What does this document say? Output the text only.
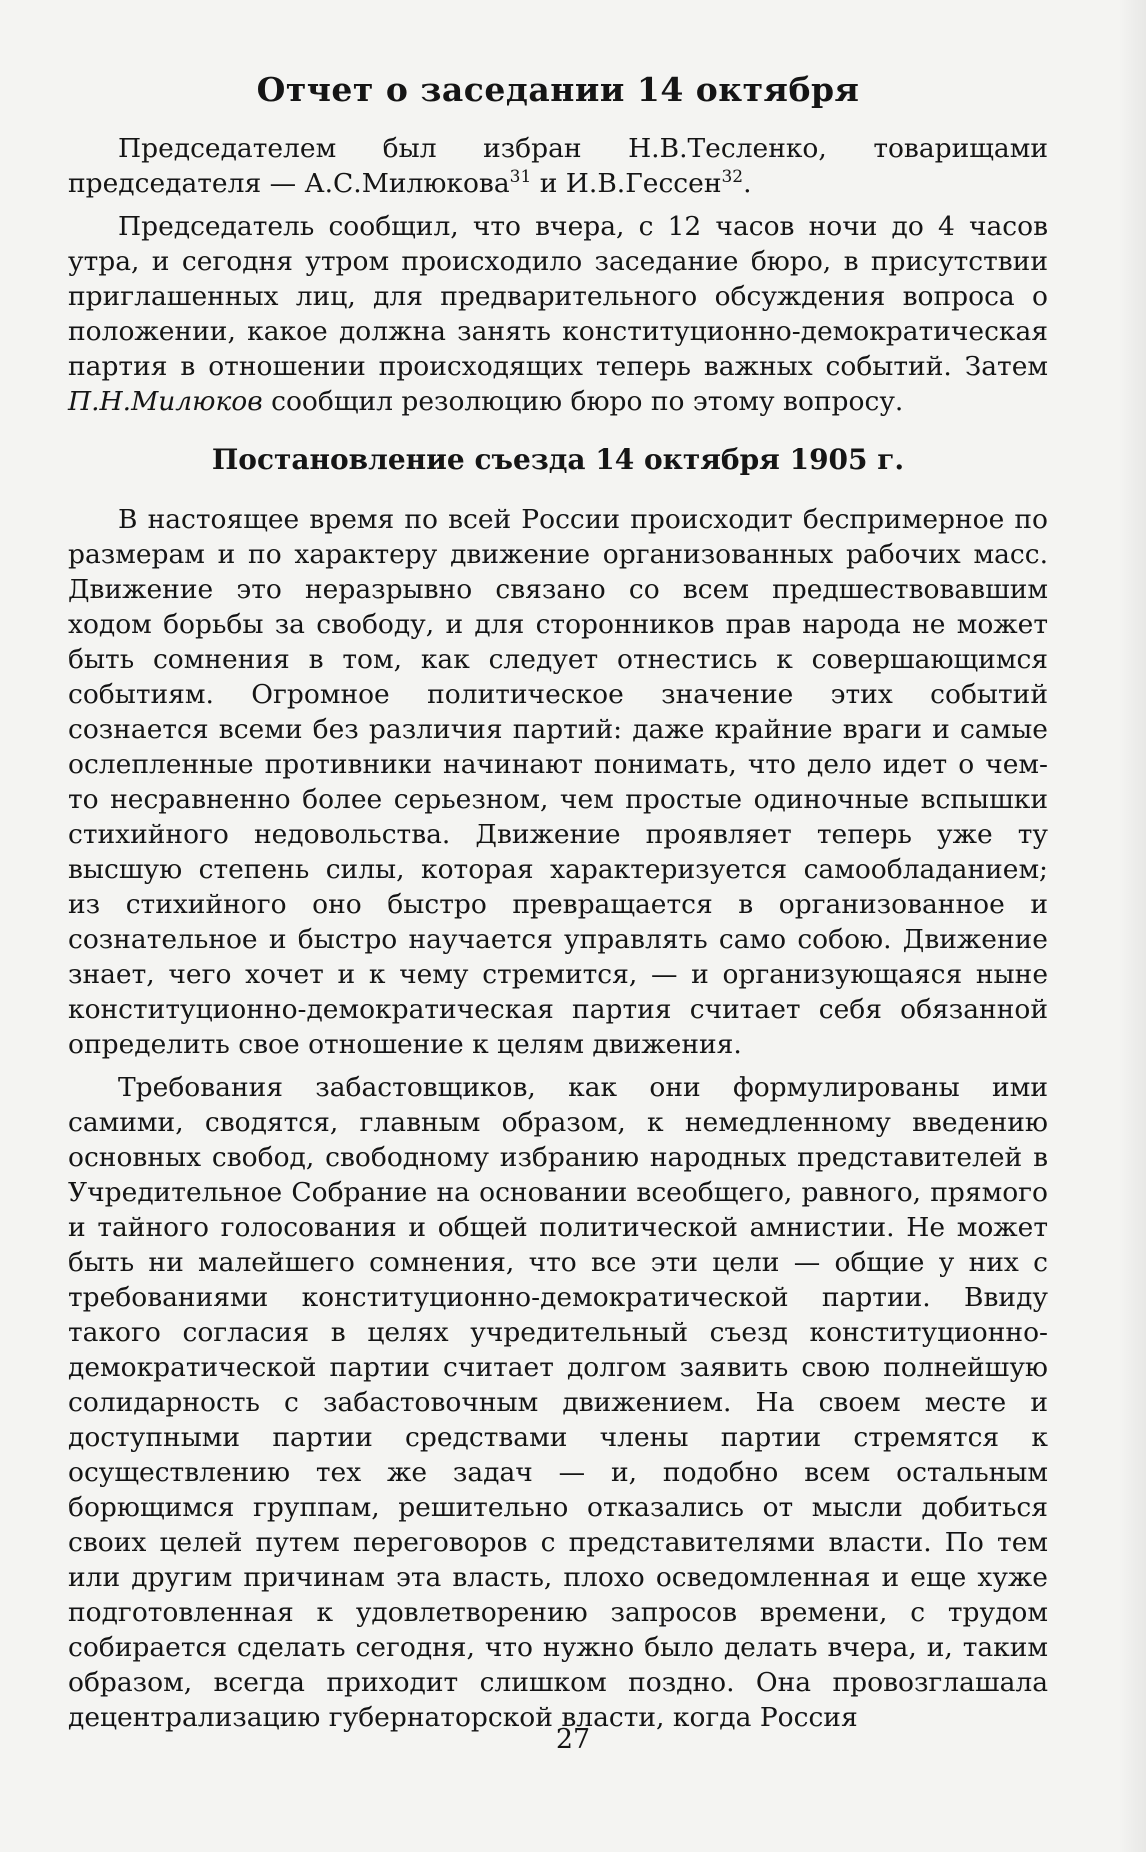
Отчет о заседании 14 октября

Председателем был избран Н.В.Тесленко, товарищами председателя — А.С.Милюкова$^{31}$ и И.В.Гессен$^{32}$.

Председатель сообщил, что вчера, с 12 часов ночи до 4 часов утра, и сегодня утром происходило заседание бюро, в присутствии приглашенных лиц, для предварительного обсуждения вопроса о положении, какое должна занять конституционно-демократическая партия в отношении происходящих теперь важных событий. Затем П.Н.Милюков сообщил резолюцию бюро по этому вопросу.

Постановление съезда 14 октября 1905 г.

В настоящее время по всей России происходит беспримерное по размерам и по характеру движение организованных рабочих масс. Движение это неразрывно связано со всем предшествовавшим ходом борьбы за свободу, и для сторонников прав народа не может быть сомнения в том, как следует отнестись к совершающимся событиям. Огромное политическое значение этих событий сознается всеми без различия партий: даже крайние враги и самые ослепленные противники начинают понимать, что дело идет о чем-то несравненно более серьезном, чем простые одиночные вспышки стихийного недовольства. Движение проявляет теперь уже ту высшую степень силы, которая характеризуется самообладанием; из стихийного оно быстро превращается в организованное и сознательное и быстро научается управлять само собою. Движение знает, чего хочет и к чему стремится, — и организующаяся ныне конституционно-демократическая партия считает себя обязанной определить свое отношение к целям движения.

Требования забастовщиков, как они формулированы ими самими, сводятся, главным образом, к немедленному введению основных свобод, свободному избранию народных представителей в Учредительное Собрание на основании всеобщего, равного, прямого и тайного голосования и общей политической амнистии. Не может быть ни малейшего сомнения, что все эти цели — общие у них с требованиями конституционно-демократической партии. Ввиду такого согласия в целях учредительный съезд конституционно-демократической партии считает долгом заявить свою полнейшую солидарность с забастовочным движением. На своем месте и доступными партии средствами члены партии стремятся к осуществлению тех же задач — и, подобно всем остальным борющимся группам, решительно отказались от мысли добиться своих целей путем переговоров с представителями власти. По тем или другим причинам эта власть, плохо осведомленная и еще хуже подготовленная к удовлетворению запросов времени, с трудом собирается сделать сегодня, что нужно было делать вчера, и, таким образом, всегда приходит слишком поздно. Она провозглашала децентрализацию губернаторской власти, когда Россия

27
